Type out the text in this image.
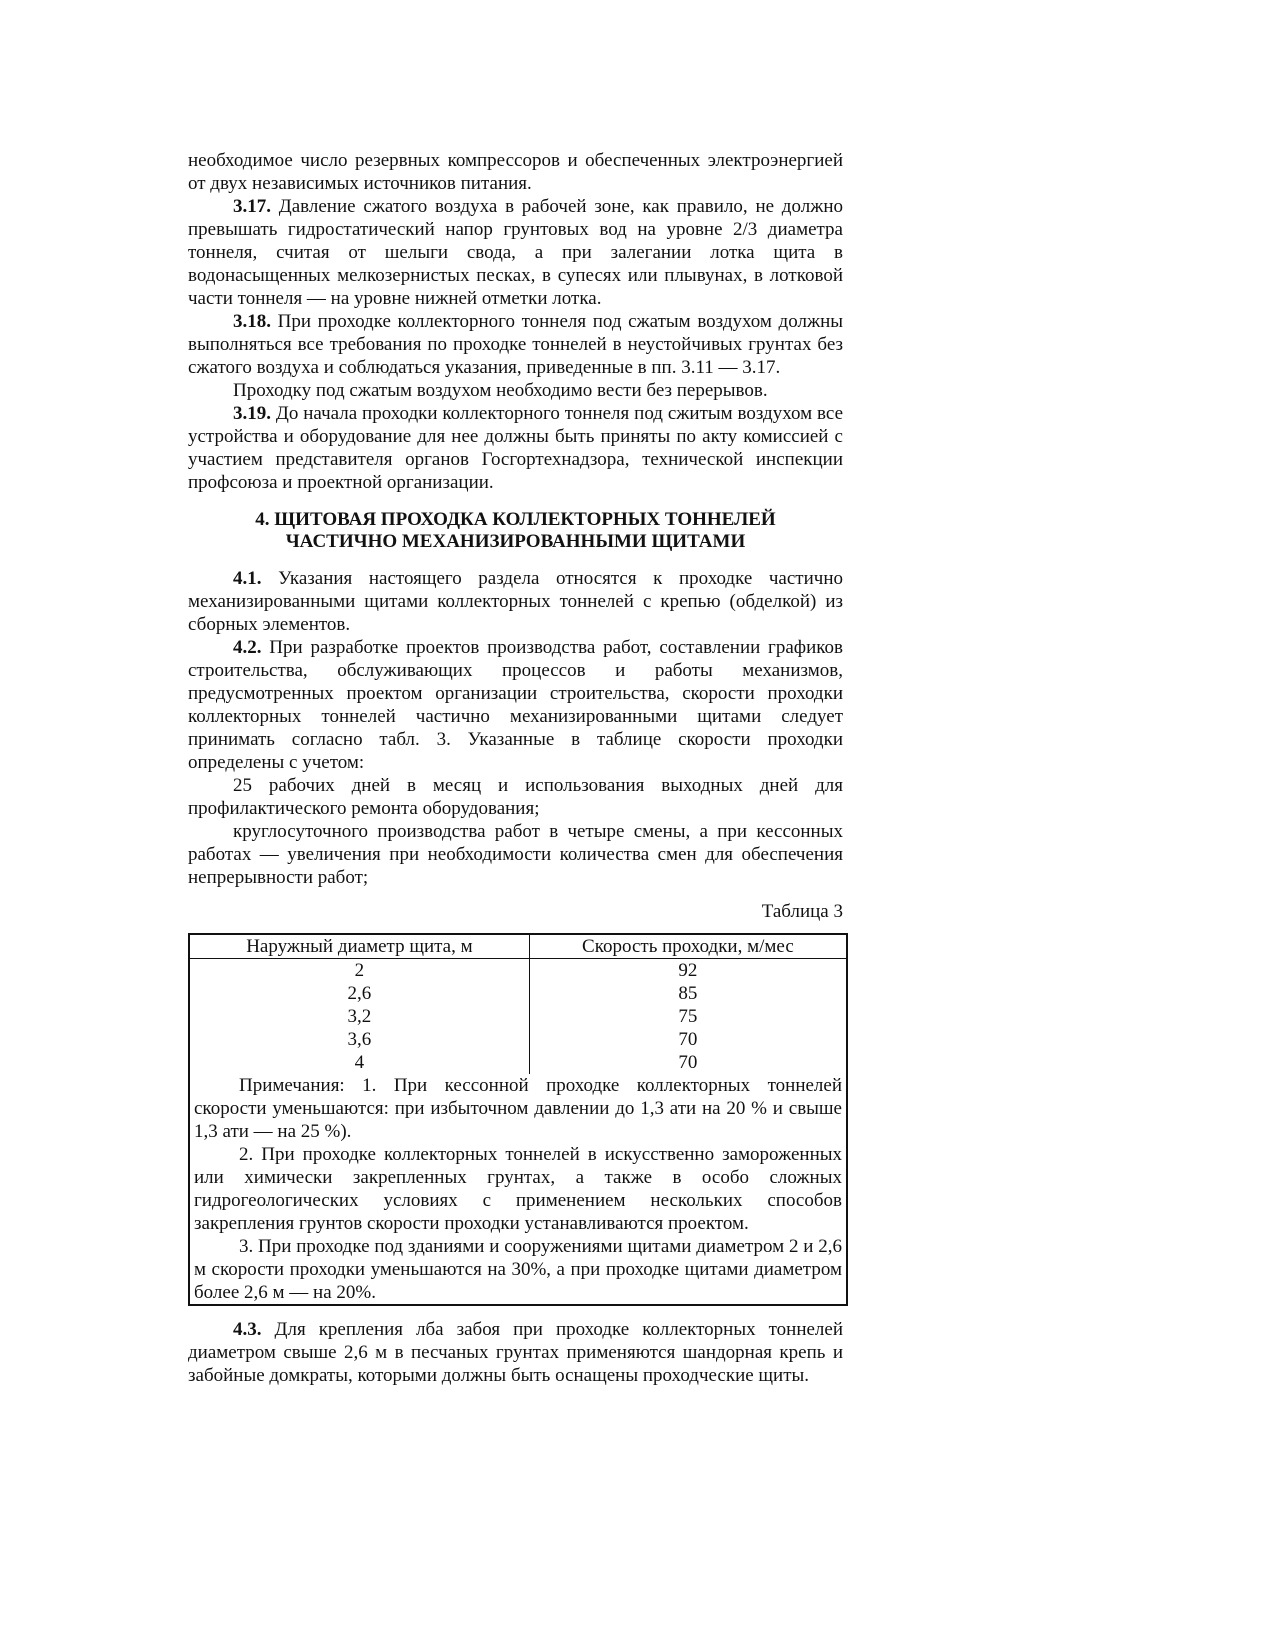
необходимое число резервных компрессоров и обеспеченных электроэнергией от двух независимых источников питания.

3.17. Давление сжатого воздуха в рабочей зоне, как правило, не должно превышать гидростатический напор грунтовых вод на уровне 2/3 диаметра тоннеля, считая от шелыги свода, а при залегании лотка щита в водонасыщенных мелкозернистых песках, в супесях или плывунах, в лотковой части тоннеля — на уровне нижней отметки лотка.

3.18. При проходке коллекторного тоннеля под сжатым воздухом должны выполняться все требования по проходке тоннелей в неустойчивых грунтах без сжатого воздуха и соблюдаться указания, приведенные в пп. 3.11 — 3.17.

Проходку под сжатым воздухом необходимо вести без перерывов.

3.19. До начала проходки коллекторного тоннеля под сжитым воздухом все устройства и оборудование для нее должны быть приняты по акту комиссией с участием представителя органов Госгортехнадзора, технической инспекции профсоюза и проектной организации.

4. ЩИТОВАЯ ПРОХОДКА КОЛЛЕКТОРНЫХ ТОННЕЛЕЙ
ЧАСТИЧНО МЕХАНИЗИРОВАННЫМИ ЩИТАМИ

4.1. Указания настоящего раздела относятся к проходке частично механизированными щитами коллекторных тоннелей с крепью (обделкой) из сборных элементов.

4.2. При разработке проектов производства работ, составлении графиков строительства, обслуживающих процессов и работы механизмов, предусмотренных проектом организации строительства, скорости проходки коллекторных тоннелей частично механизированными щитами следует принимать согласно табл. 3. Указанные в таблице скорости проходки определены с учетом:

25 рабочих дней в месяц и использования выходных дней для профилактического ремонта оборудования;

круглосуточного производства работ в четыре смены, а при кессонных работах — увеличения при необходимости количества смен для обеспечения непрерывности работ;

Таблица 3

Наружный диаметр щита, м	Скорость проходки, м/мес
2	92
2,6	85
3,2	75
3,6	70
4	70

Примечания: 1. При кессонной проходке коллекторных тоннелей скорости уменьшаются: при избыточном давлении до 1,3 ати на 20 % и свыше 1,3 ати — на 25 %).

2. При проходке коллекторных тоннелей в искусственно замороженных или химически закрепленных грунтах, а также в особо сложных гидрогеологических условиях с применением нескольких способов закрепления грунтов скорости проходки устанавливаются проектом.

3. При проходке под зданиями и сооружениями щитами диаметром 2 и 2,6 м скорости проходки уменьшаются на 30%, а при проходке щитами диаметром более 2,6 м — на 20%.	

4.3. Для крепления лба забоя при проходке коллекторных тоннелей диаметром свыше 2,6 м в песчаных грунтах применяются шандорная крепь и забойные домкраты, которыми должны быть оснащены проходческие щиты.
